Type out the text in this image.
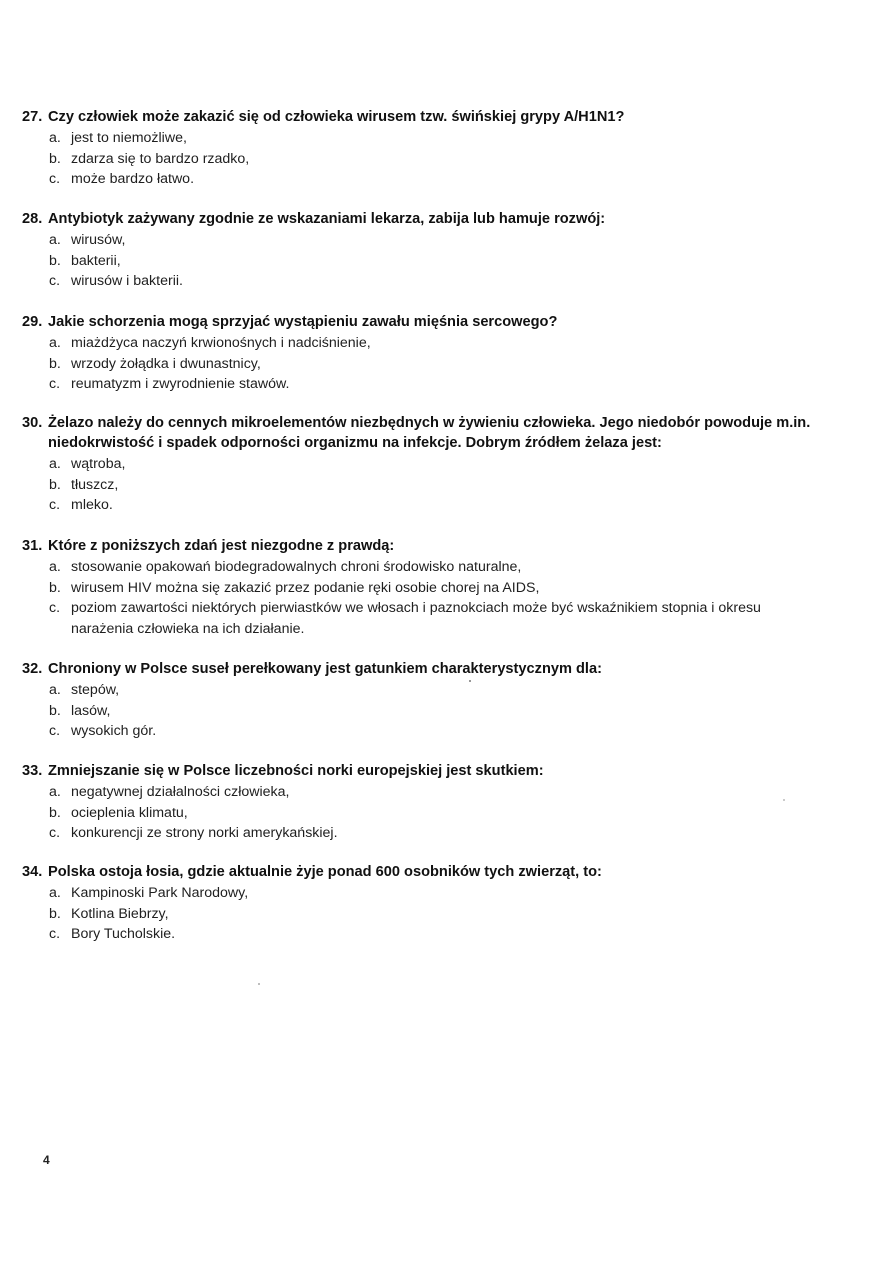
27. Czy człowiek może zakazić się od człowieka wirusem tzw. świńskiej grypy A/H1N1?
a. jest to niemożliwe,
b. zdarza się to bardzo rzadko,
c. może bardzo łatwo.
28. Antybiotyk zażywany zgodnie ze wskazaniami lekarza, zabija lub hamuje rozwój:
a. wirusów,
b. bakterii,
c. wirusów i bakterii.
29. Jakie schorzenia mogą sprzyjać wystąpieniu zawału mięśnia sercowego?
a. miażdżyca naczyń krwionośnych i nadciśnienie,
b. wrzody żołądka i dwunastnicy,
c. reumatyzm i zwyrodnienie stawów.
30. Żelazo należy do cennych mikroelementów niezbędnych w żywieniu człowieka. Jego niedobór powoduje m.in. niedokrwistość i spadek odporności organizmu na infekcje. Dobrym źródłem żelaza jest:
a. wątroba,
b. tłuszcz,
c. mleko.
31. Które z poniższych zdań jest niezgodne z prawdą:
a. stosowanie opakowań biodegradowalnych chroni środowisko naturalne,
b. wirusem HIV można się zakazić przez podanie ręki osobie chorej na AIDS,
c. poziom zawartości niektórych pierwiastków we włosach i paznokciach może być wskaźnikiem stopnia i okresu narażenia człowieka na ich działanie.
32. Chroniony w Polsce suseł perełkowany jest gatunkiem charakterystycznym dla:
a. stepów,
b. lasów,
c. wysokich gór.
33. Zmniejszanie się w Polsce liczebności norki europejskiej jest skutkiem:
a. negatywnej działalności człowieka,
b. ocieplenia klimatu,
c. konkurencji ze strony norki amerykańskiej.
34. Polska ostoja łosia, gdzie aktualnie żyje ponad 600 osobników tych zwierząt, to:
a. Kampinoski Park Narodowy,
b. Kotlina Biebrzy,
c. Bory Tucholskie.
4
